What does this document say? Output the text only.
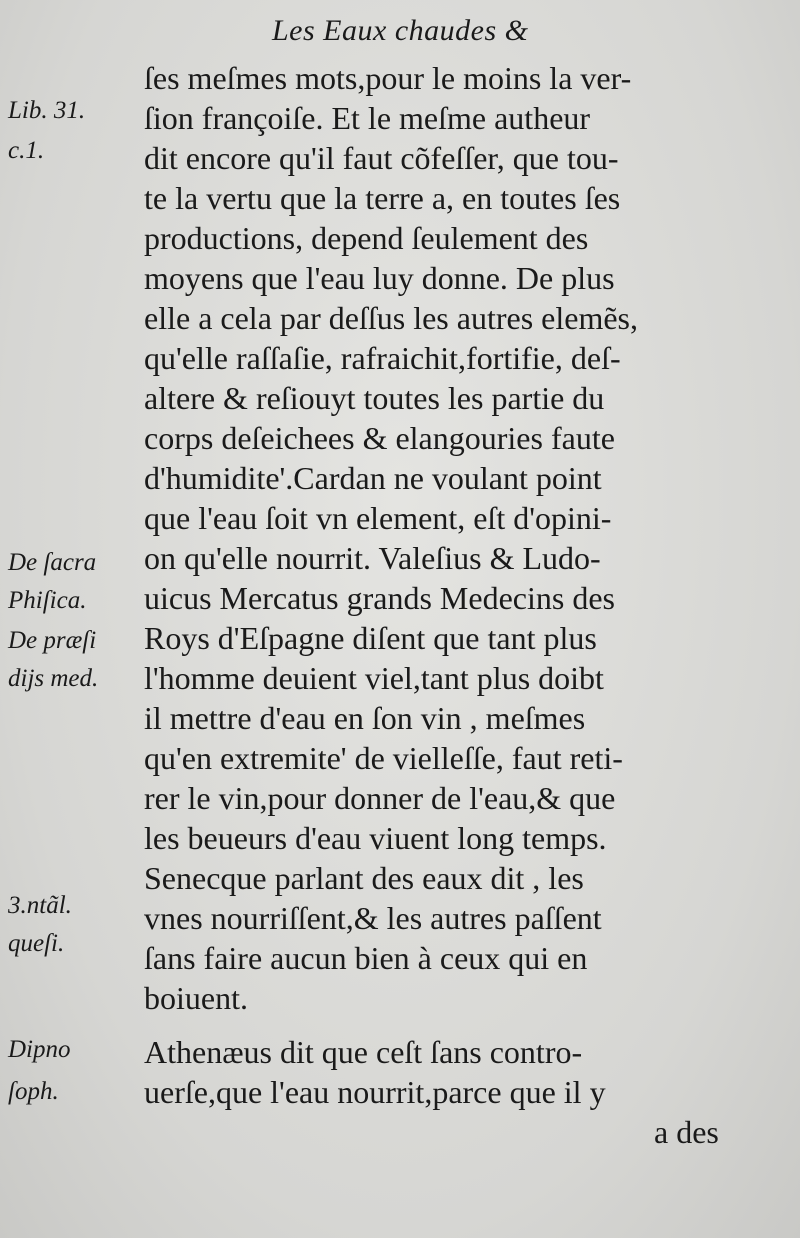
Les Eaux chaudes &
ſes meſmes mots,pour le moins la ver-
ſion françoiſe. Et le meſme autheur
dit encore qu'il faut cõfeſſer, que tou-
te la vertu que la terre a, en toutes ſes
productions, depend ſeulement des
moyens que l'eau luy donne. De plus
elle a cela par deſſus les autres elemẽs,
qu'elle raſſaſie, rafraichit,fortifie, deſ-
altere & reſiouyt toutes les partie du
corps deſeichees & elangouries faute
d'humidite'.Cardan ne voulant point
que l'eau ſoit vn element, eſt d'opini-
on qu'elle nourrit. Valeſius & Ludo-
uicus Mercatus grands Medecins des
Roys d'Eſpagne diſent que tant plus
l'homme deuient viel,tant plus doibt
il mettre d'eau en ſon vin , meſmes
qu'en extremite' de vielleſſe, faut reti-
rer le vin,pour donner de l'eau,& que
les beueurs d'eau viuent long temps.
Senecque parlant des eaux dit , les
vnes nourriſſent,& les autres paſſent
ſans faire aucun bien à ceux qui en
boiuent.
Athenæus dit que ceſt ſans contro-
uerſe,que l'eau nourrit,parce que il y
Lib. 31.
c.1.
De ſacra
Phiſica.
De præſi
dijs med.
3.ntãl.
queſi.
Dipno
ſoph.
a des
